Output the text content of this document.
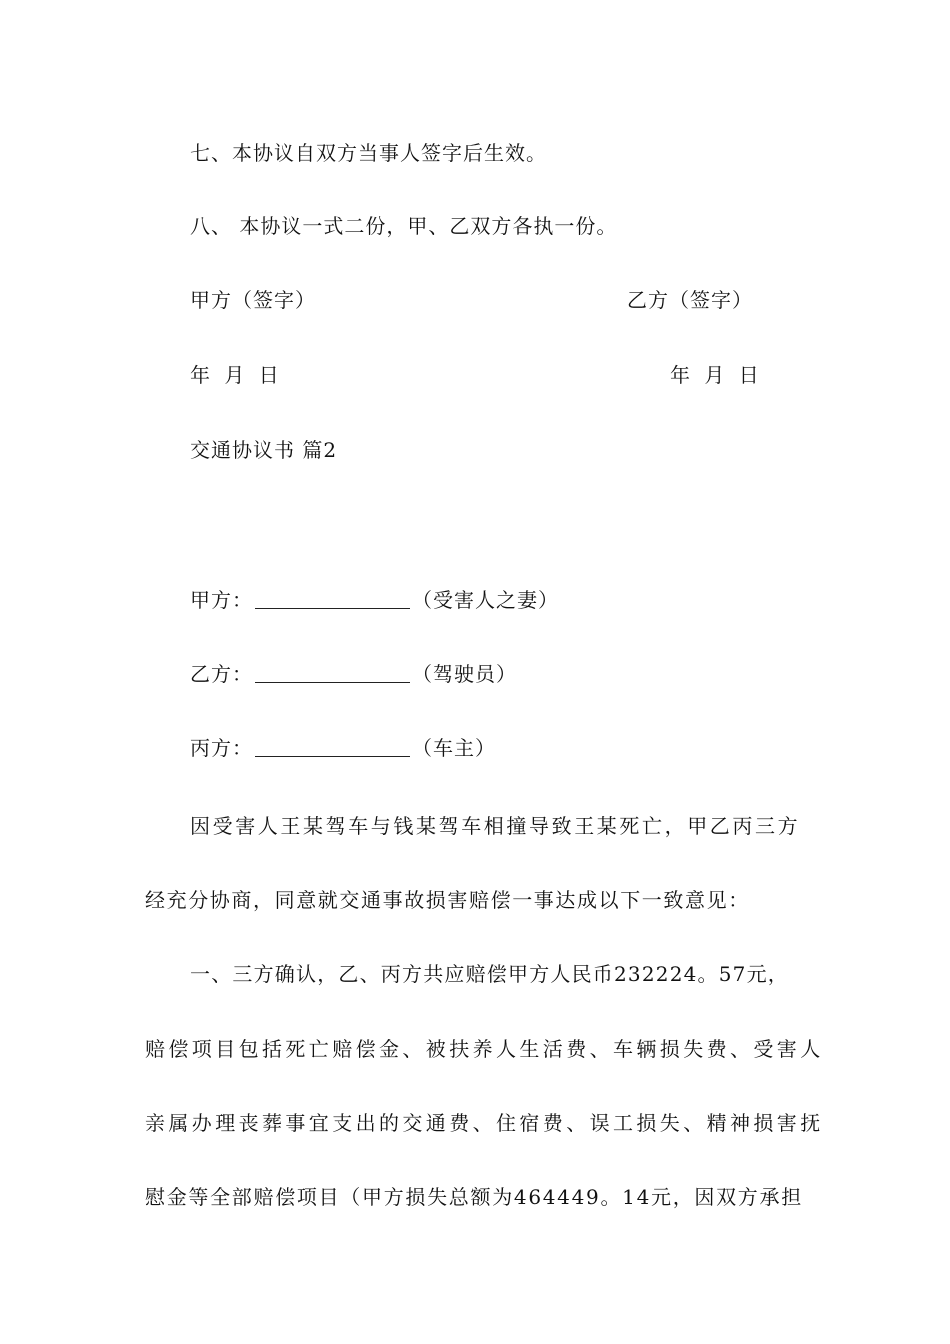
七、本协议自双方当事人签字后生效。
八、 本协议一式二份，甲、乙双方各执一份。
甲方（签字）	乙方（签字）
年 月 日	年 月 日
交通协议书 篇2
甲方：	（受害人之妻）
乙方：	（驾驶员）
丙方：	（车主）
因受害人王某驾车与钱某驾车相撞导致王某死亡，甲乙丙三方
经充分协商，同意就交通事故损害赔偿一事达成以下一致意见：
一、三方确认，乙、丙方共应赔偿甲方人民币232224。57元，
赔偿项目包括死亡赔偿金、被扶养人生活费、车辆损失费、受害人
亲属办理丧葬事宜支出的交通费、住宿费、误工损失、精神损害抚
慰金等全部赔偿项目（甲方损失总额为464449。14元，因双方承担
